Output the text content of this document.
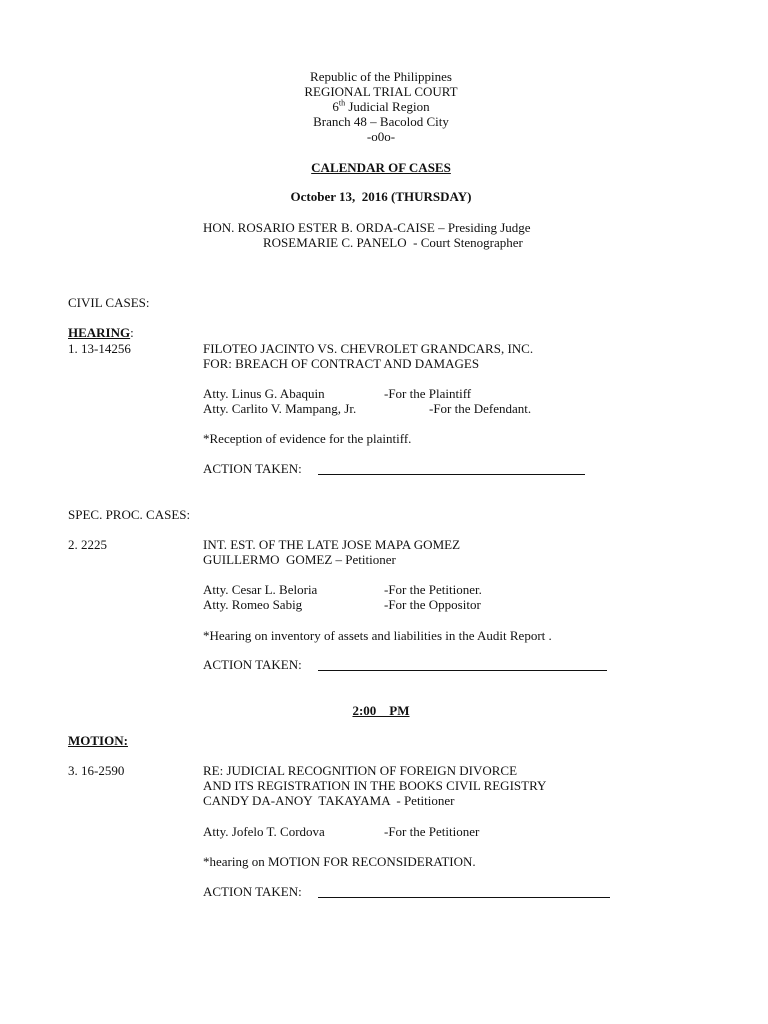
Republic of the Philippines
REGIONAL TRIAL COURT
6th Judicial Region
Branch 48 – Bacolod City
-o0o-
CALENDAR OF CASES
October 13,  2016 (THURSDAY)
HON. ROSARIO ESTER B. ORDA-CAISE – Presiding Judge
ROSEMARIE C. PANELO  - Court Stenographer
CIVIL CASES:
HEARING:
1. 13-14256	FILOTEO JACINTO VS. CHEVROLET GRANDCARS, INC.
FOR: BREACH OF CONTRACT AND DAMAGES
Atty. Linus G. Abaquin	-For the Plaintiff
Atty. Carlito V. Mampang, Jr.	-For the Defendant.
*Reception of evidence for the plaintiff.
ACTION TAKEN:
SPEC. PROC. CASES:
2. 2225	INT. EST. OF THE LATE JOSE MAPA GOMEZ
GUILLERMO  GOMEZ – Petitioner
Atty. Cesar L. Beloria	-For the Petitioner.
Atty. Romeo Sabig	-For the Oppositor
*Hearing on inventory of assets and liabilities in the Audit Report .
ACTION TAKEN:
2:00    PM
MOTION:
3. 16-2590	RE: JUDICIAL RECOGNITION OF FOREIGN DIVORCE
AND ITS REGISTRATION IN THE BOOKS CIVIL REGISTRY
CANDY DA-ANOY  TAKAYAMA  - Petitioner
Atty. Jofelo T. Cordova	-For the Petitioner
*hearing on MOTION FOR RECONSIDERATION.
ACTION TAKEN:
